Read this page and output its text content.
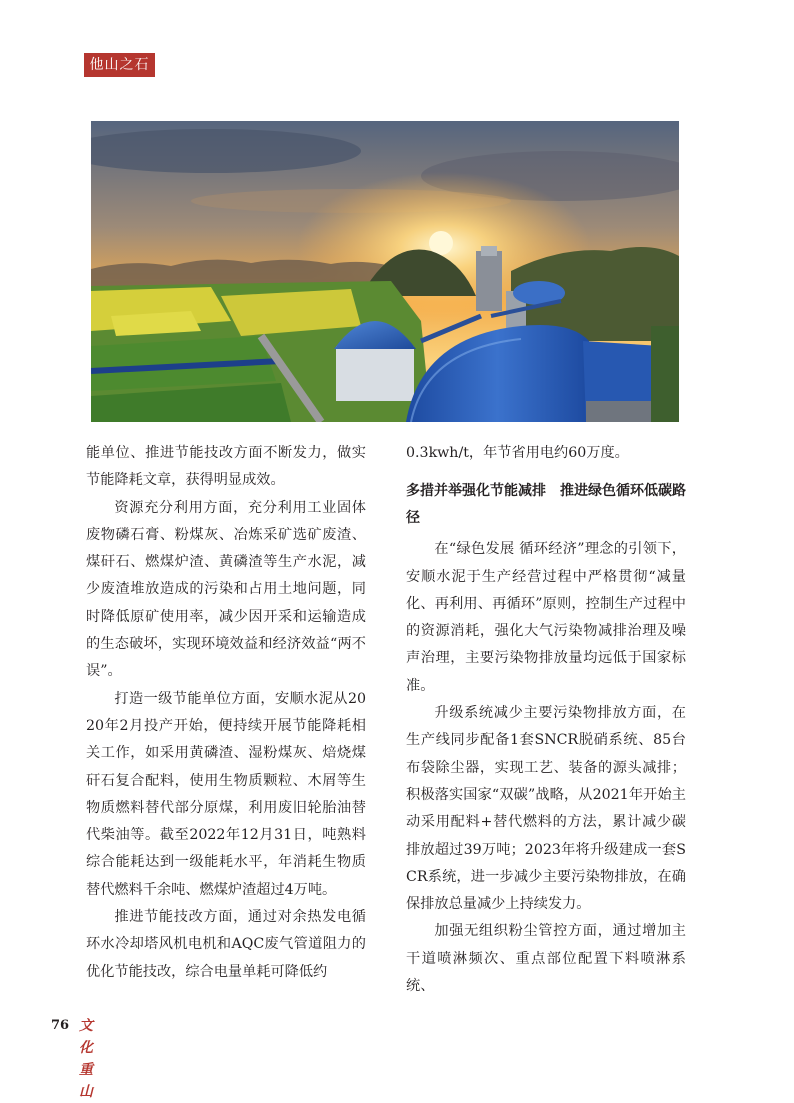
他山之石

能单位、推进节能技改方面不断发力，做实节能降耗文章，获得明显成效。

资源充分利用方面，充分利用工业固体废物磷石膏、粉煤灰、冶炼采矿选矿废渣、煤矸石、燃煤炉渣、黄磷渣等生产水泥，减少废渣堆放造成的污染和占用土地问题，同时降低原矿使用率，减少因开采和运输造成的生态破坏，实现环境效益和经济效益“两不误”。

打造一级节能单位方面，安顺水泥从2020年2月投产开始，便持续开展节能降耗相关工作，如采用黄磷渣、湿粉煤灰、焙烧煤矸石复合配料，使用生物质颗粒、木屑等生物质燃料替代部分原煤，利用废旧轮胎油替代柴油等。截至2022年12月31日，吨熟料综合能耗达到一级能耗水平，年消耗生物质替代燃料千余吨、燃煤炉渣超过4万吨。

推进节能技改方面，通过对余热发电循环水冷却塔风机电机和AQC废气管道阻力的优化节能技改，综合电量单耗可降低约

0.3kwh/t，年节省用电约60万度。

多措并举强化节能减排　推进绿色循环低碳路径

在“绿色发展 循环经济”理念的引领下，安顺水泥于生产经营过程中严格贯彻“减量化、再利用、再循环”原则，控制生产过程中的资源消耗，强化大气污染物减排治理及噪声治理，主要污染物排放量均远低于国家标准。

升级系统减少主要污染物排放方面，在生产线同步配备1套SNCR脱硝系统、85台布袋除尘器，实现工艺、装备的源头减排；积极落实国家“双碳”战略，从2021年开始主动采用配料+替代燃料的方法，累计减少碳排放超过39万吨；2023年将升级建成一套SCR系统，进一步减少主要污染物排放，在确保排放总量减少上持续发力。

加强无组织粉尘管控方面，通过增加主干道喷淋频次、重点部位配置下料喷淋系统、

76 文化重山
